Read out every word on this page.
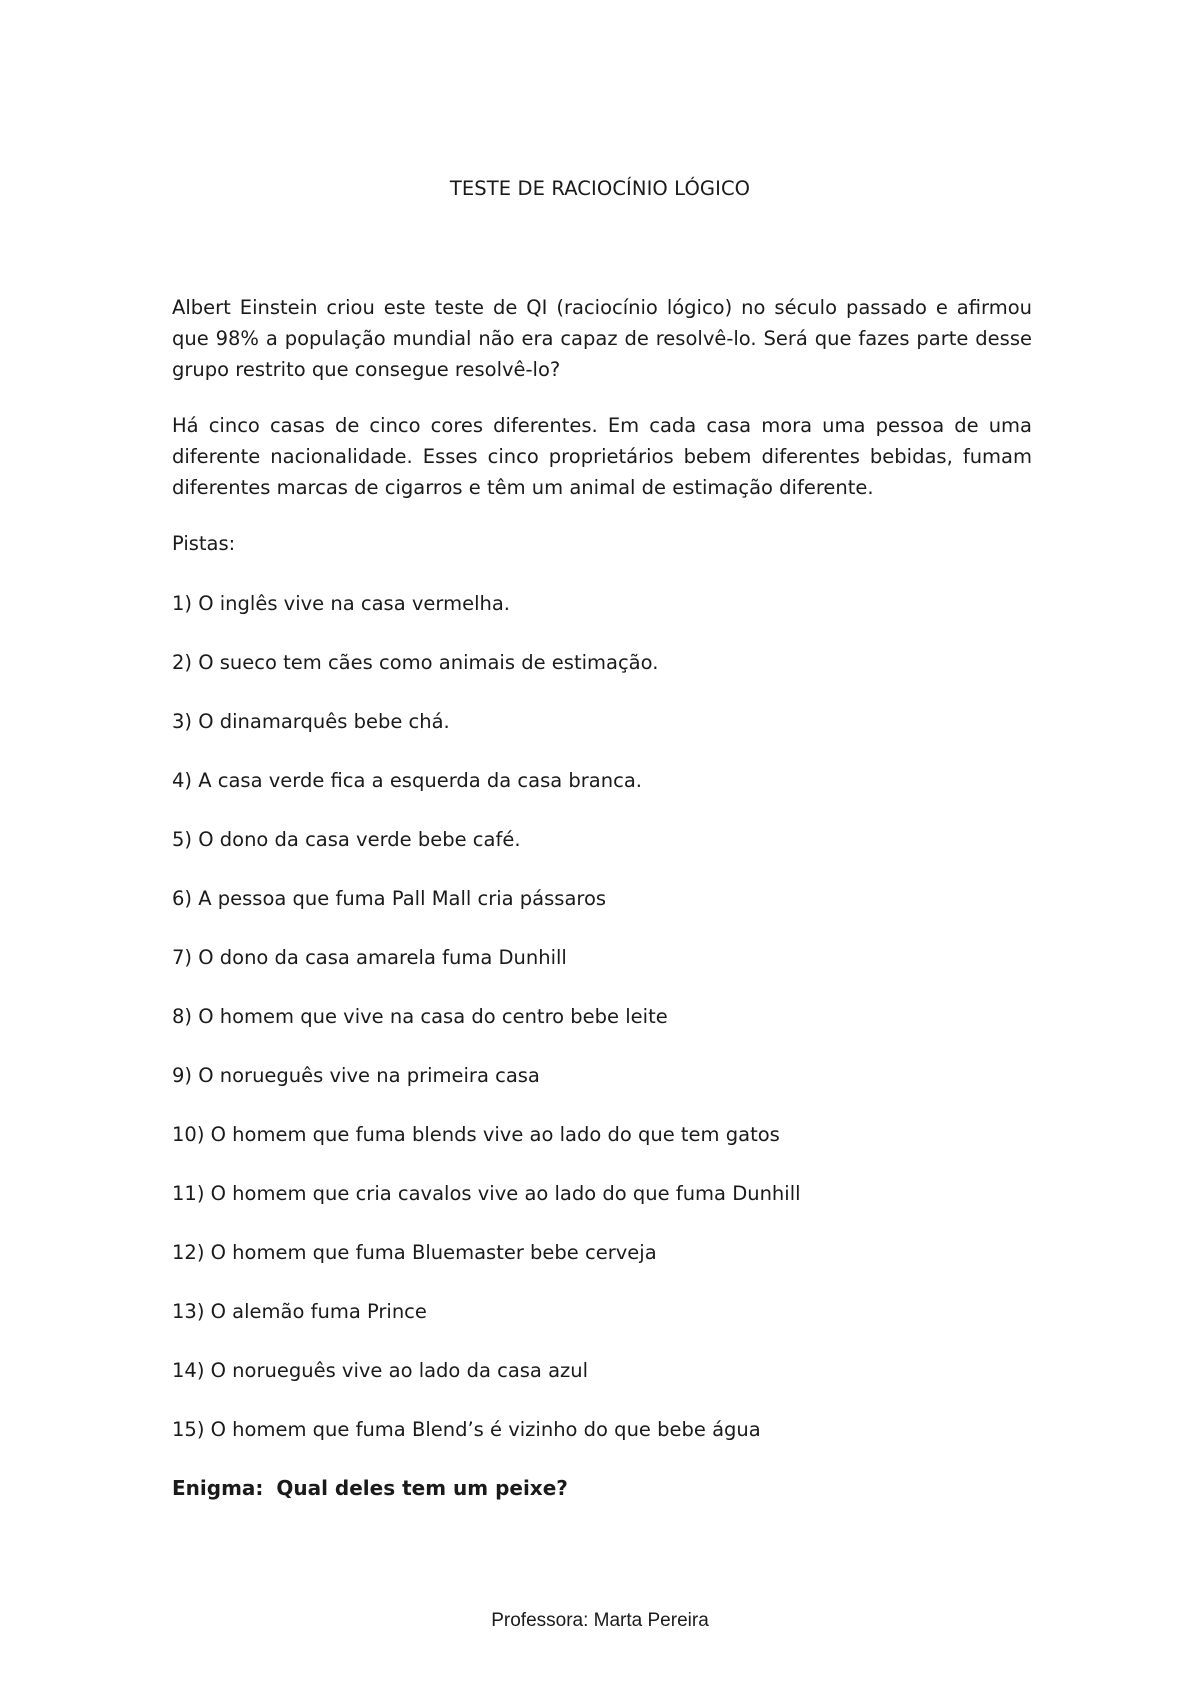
TESTE DE RACIOCÍNIO LÓGICO

Albert Einstein criou este teste de QI (raciocínio lógico) no século passado e afirmou que 98% a população mundial não era capaz de resolvê-lo. Será que fazes parte desse grupo restrito que consegue resolvê-lo?

Há cinco casas de cinco cores diferentes. Em cada casa mora uma pessoa de uma diferente nacionalidade. Esses cinco proprietários bebem diferentes bebidas, fumam diferentes marcas de cigarros e têm um animal de estimação diferente.

Pistas:

1) O inglês vive na casa vermelha.
2) O sueco tem cães como animais de estimação.
3) O dinamarquês bebe chá.
4) A casa verde fica a esquerda da casa branca.
5) O dono da casa verde bebe café.
6) A pessoa que fuma Pall Mall cria pássaros
7) O dono da casa amarela fuma Dunhill
8) O homem que vive na casa do centro bebe leite
9) O norueguês vive na primeira casa
10) O homem que fuma blends vive ao lado do que tem gatos
11) O homem que cria cavalos vive ao lado do que fuma Dunhill
12) O homem que fuma Bluemaster bebe cerveja
13) O alemão fuma Prince
14) O norueguês vive ao lado da casa azul
15) O homem que fuma Blend’s é vizinho do que bebe água

Enigma: Qual deles tem um peixe?

Professora: Marta Pereira
